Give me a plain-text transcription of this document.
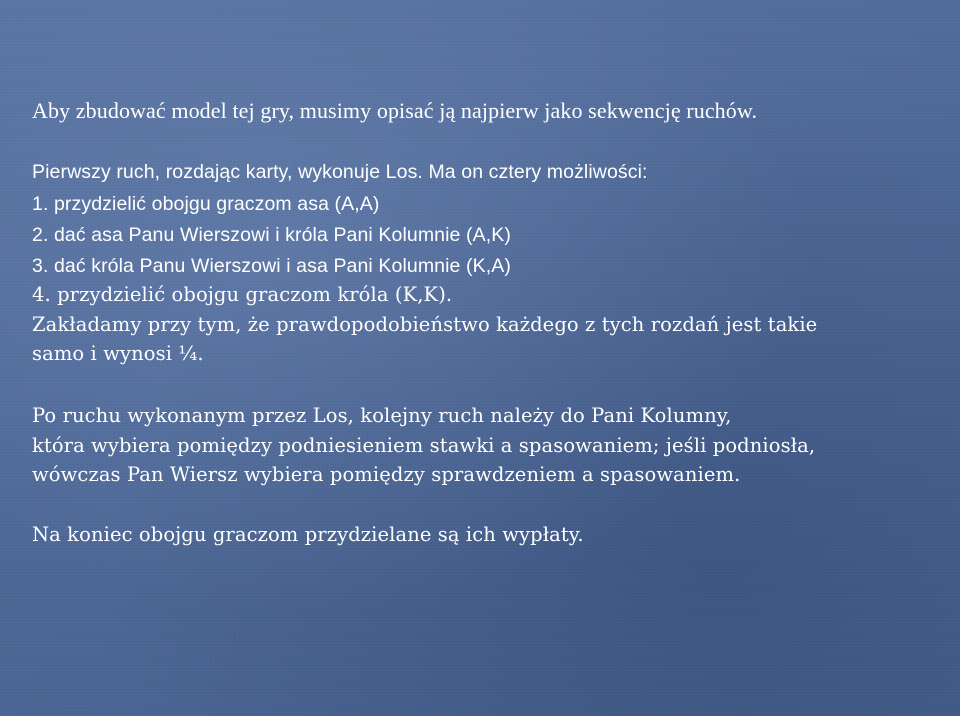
Aby zbudować model tej gry, musimy opisać ją najpierw jako sekwencję ruchów.
Pierwszy ruch, rozdając karty, wykonuje Los. Ma on cztery możliwości:
1. przydzielić obojgu graczom asa (A,A)
2. dać asa Panu Wierszowi i króla Pani Kolumnie (A,K)
3. dać króla Panu Wierszowi i asa Pani Kolumnie (K,A)
4. przydzielić obojgu graczom króla (K,K).
Zakładamy przy tym, że prawdopodobieństwo każdego z tych rozdań jest takie
samo i wynosi ¼.
Po ruchu wykonanym przez Los, kolejny ruch należy do Pani Kolumny,
która wybiera pomiędzy podniesieniem stawki a spasowaniem; jeśli podniosła,
wówczas Pan Wiersz wybiera pomiędzy sprawdzeniem a spasowaniem.
Na koniec obojgu graczom przydzielane są ich wypłaty.
